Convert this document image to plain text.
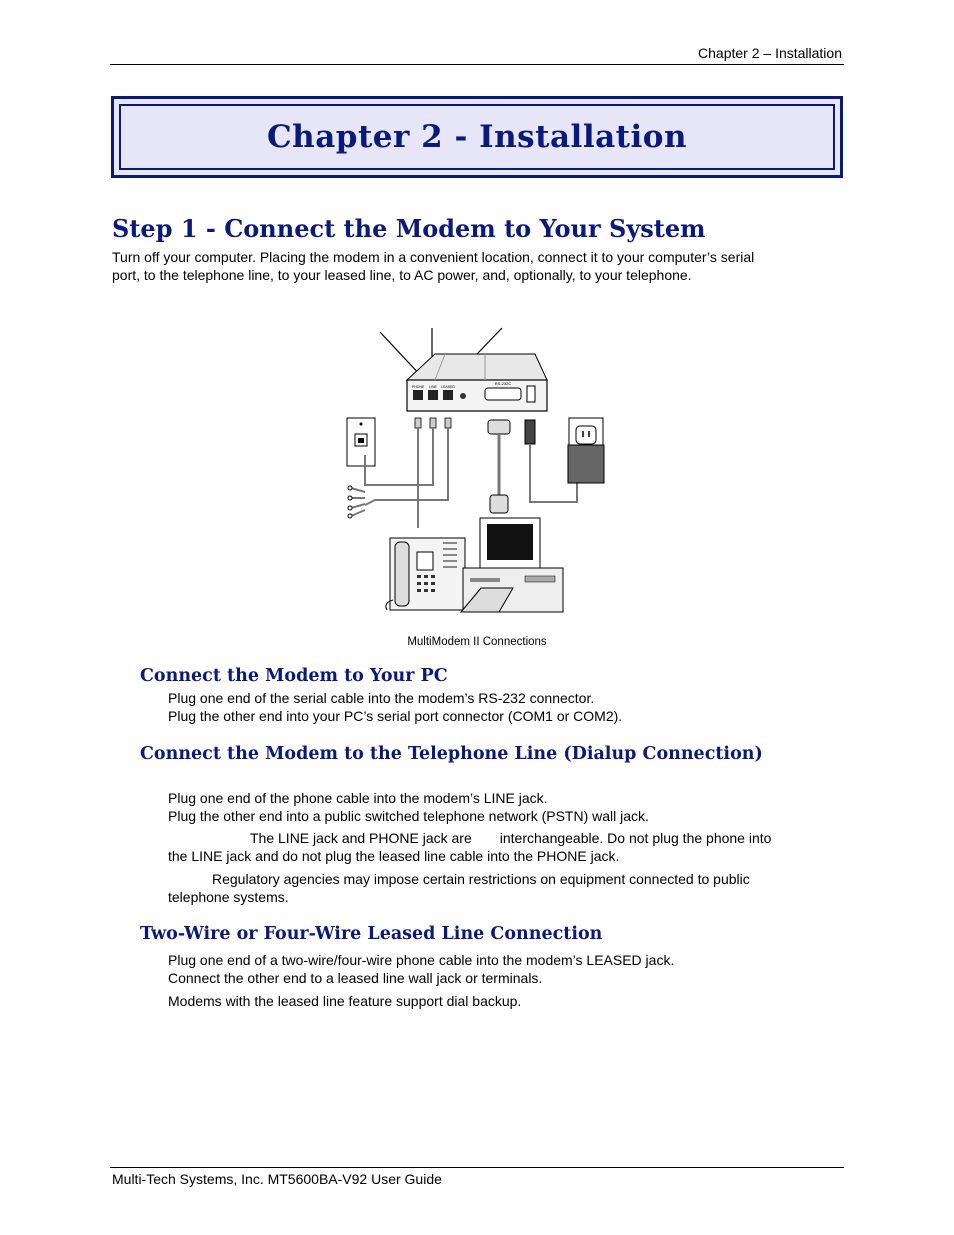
Chapter 2 – Installation
Chapter 2 - Installation
Step 1 - Connect the Modem to Your System
Turn off your computer. Placing the modem in a convenient location, connect it to your computer’s serial
port, to the telephone line, to your leased line, to AC power, and, optionally, to your telephone.
RS-232C
PHONE LINE LEASED
MultiModem II Connections
Connect the Modem to Your PC
Plug one end of the serial cable into the modem’s RS-232 connector.
Plug the other end into your PC’s serial port connector (COM1 or COM2).
Connect the Modem to the Telephone Line (Dialup Connection)
Plug one end of the phone cable into the modem’s LINE jack.
Plug the other end into a public switched telephone network (PSTN) wall jack.
The LINE jack and PHONE jack are interchangeable. Do not plug the phone into
the LINE jack and do not plug the leased line cable into the PHONE jack.
Regulatory agencies may impose certain restrictions on equipment connected to public
telephone systems.
Two-Wire or Four-Wire Leased Line Connection
Plug one end of a two-wire/four-wire phone cable into the modem’s LEASED jack.
Connect the other end to a leased line wall jack or terminals.
Modems with the leased line feature support dial backup.
Multi-Tech Systems, Inc. MT5600BA-V92 User Guide
